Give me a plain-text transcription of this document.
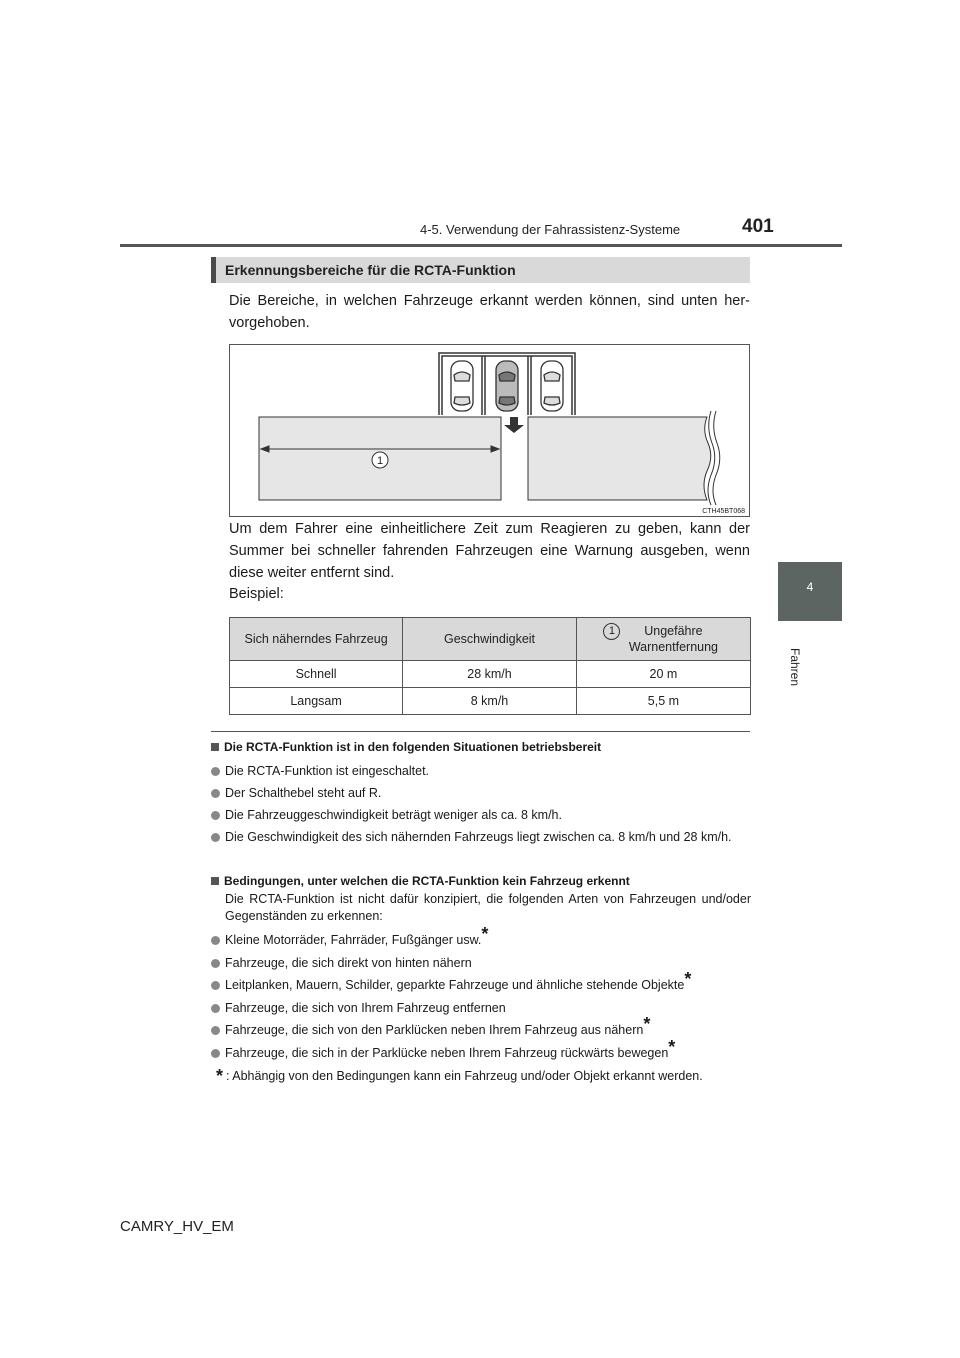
4-5. Verwendung der Fahrassistenz-Systeme	401
4
Fahren
Erkennungsbereiche für die RCTA-Funktion
Die Bereiche, in welchen Fahrzeuge erkannt werden können, sind unten hervorgehoben.
1
CTH45BT068
Um dem Fahrer eine einheitlichere Zeit zum Reagieren zu geben, kann der Summer bei schneller fahrenden Fahrzeugen eine Warnung ausgeben, wenn diese weiter entfernt sind.
Beispiel:
Sich näherndes Fahrzeug	Geschwindigkeit	1 Ungefähre Warnentfernung

Schnell	28 km/h	20 m
Langsam	8 km/h	5,5 m
Die RCTA-Funktion ist in den folgenden Situationen betriebsbereit
Die RCTA-Funktion ist eingeschaltet.
Der Schalthebel steht auf R.
Die Fahrzeuggeschwindigkeit beträgt weniger als ca. 8 km/h.
Die Geschwindigkeit des sich nähernden Fahrzeugs liegt zwischen ca. 8 km/h und 28 km/h.
Bedingungen, unter welchen die RCTA-Funktion kein Fahrzeug erkennt
Die RCTA-Funktion ist nicht dafür konzipiert, die folgenden Arten von Fahrzeugen und/oder Gegenständen zu erkennen:
Kleine Motorräder, Fahrräder, Fußgänger usw.*
Fahrzeuge, die sich direkt von hinten nähern
Leitplanken, Mauern, Schilder, geparkte Fahrzeuge und ähnliche stehende Objekte*
Fahrzeuge, die sich von Ihrem Fahrzeug entfernen
Fahrzeuge, die sich von den Parklücken neben Ihrem Fahrzeug aus nähern*
Fahrzeuge, die sich in der Parklücke neben Ihrem Fahrzeug rückwärts bewegen*
* : Abhängig von den Bedingungen kann ein Fahrzeug und/oder Objekt erkannt werden.
CAMRY_HV_EM
